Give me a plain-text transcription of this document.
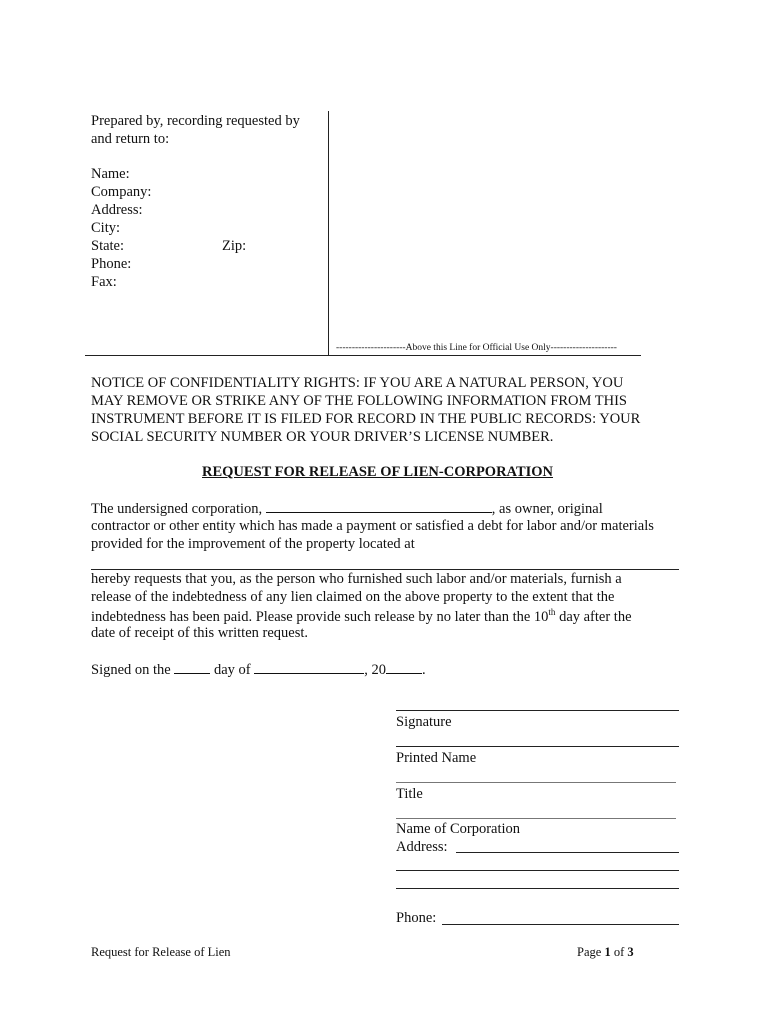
Prepared by, recording requested by
and return to:
Name:
Company:
Address:
City:
State:	Zip:
Phone:
Fax:
----------------------Above this Line for Official Use Only---------------------
NOTICE OF CONFIDENTIALITY RIGHTS: IF YOU ARE A NATURAL PERSON, YOU
MAY REMOVE OR STRIKE ANY OF THE FOLLOWING INFORMATION FROM THIS
INSTRUMENT BEFORE IT IS FILED FOR RECORD IN THE PUBLIC RECORDS: YOUR
SOCIAL SECURITY NUMBER OR YOUR DRIVER’S LICENSE NUMBER.
REQUEST FOR RELEASE OF LIEN-CORPORATION
The undersigned corporation,	, as owner, original
contractor or other entity which has made a payment or satisfied a debt for labor and/or materials
provided for the improvement of the property located at
hereby requests that you, as the person who furnished such labor and/or materials, furnish a
release of the indebtedness of any lien claimed on the above property to the extent that the
indebtedness has been paid. Please provide such release by no later than the 10th day after the
date of receipt of this written request.
Signed on the	day of	, 20 .
Signature
Printed Name
Title
Name of Corporation
Address:
Phone:
Request for Release of Lien	Page 1 of 3
